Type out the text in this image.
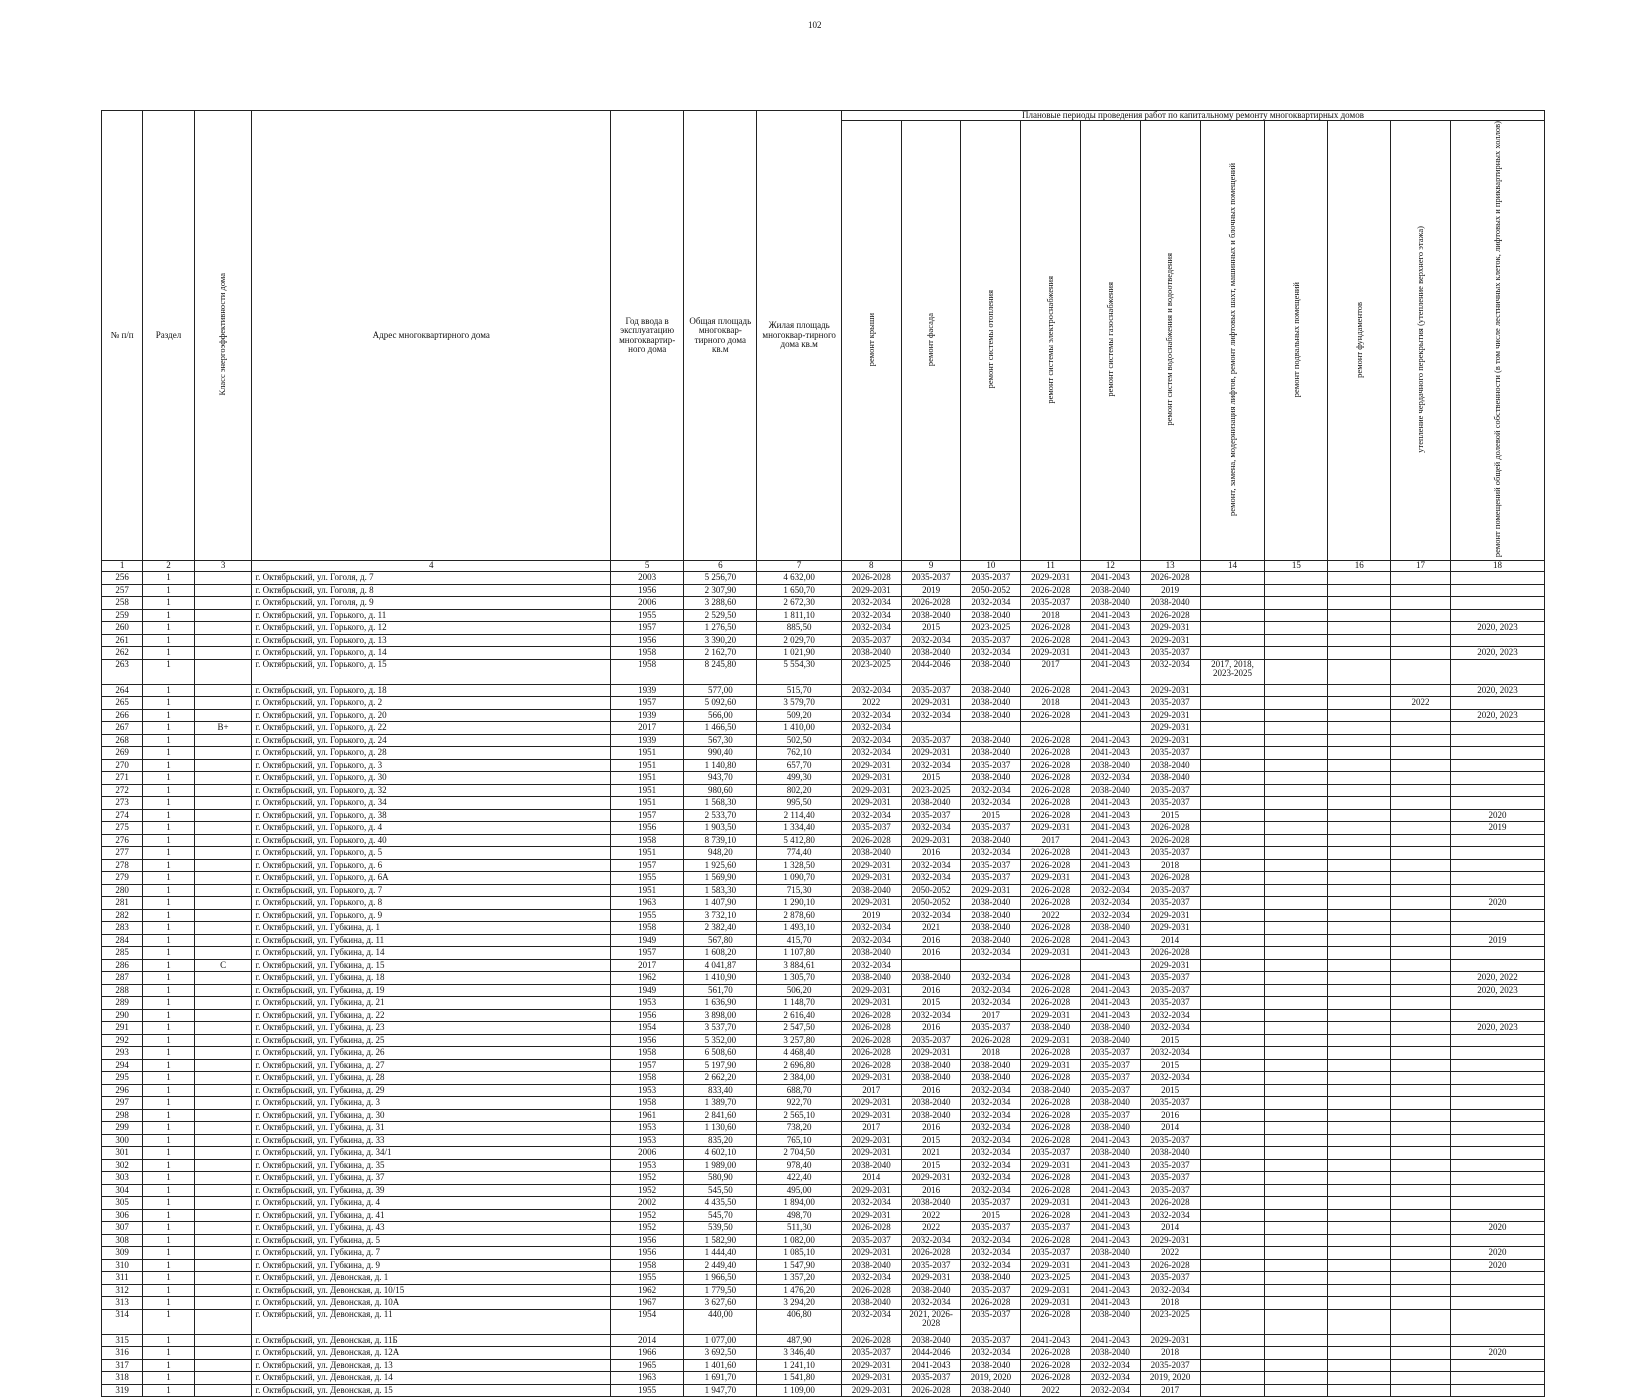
102
№ п/п	Раздел	Класс энергоэффективности дома	Адрес многоквартирного дома	Год ввода в эксплуатацию многоквартир-ного дома	Общая площадь многоквар-тирного дома кв.м	Жилая площадь многоквар-тирного дома кв.м	Плановые периоды проведения работ по капитальному ремонту многоквартирных домов										
							ремонт крыши	ремонт фасада	ремонт системы отопления	ремонт системы электроснабжения	ремонт системы газоснабжения	ремонт систем водоснабжения и водоотведения	ремонт, замена, модернизация лифтов, ремонт лифтовых шахт, машинных и блочных помещений	ремонт подвальных помещений	ремонт фундаментов	утепление чердачного перекрытия (утепление верхнего этажа)	ремонт помещений общей долевой собственности (в том числе лестничных клеток, лифтовых и приквартирных холлов)
1	2	3	4	5	6	7	8	9	10	11	12	13	14	15	16	17	18
256	1		г. Октябрьский, ул. Гоголя, д. 7	2003	5 256,70	4 632,00	2026-2028	2035-2037	2035-2037	2029-2031	2041-2043	2026-2028					
257	1		г. Октябрьский, ул. Гоголя, д. 8	1956	2 307,90	1 650,70	2029-2031	2019	2050-2052	2026-2028	2038-2040	2019					
258	1		г. Октябрьский, ул. Гоголя, д. 9	2006	3 288,60	2 672,30	2032-2034	2026-2028	2032-2034	2035-2037	2038-2040	2038-2040					
259	1		г. Октябрьский, ул. Горького, д. 11	1955	2 529,50	1 811,10	2032-2034	2038-2040	2038-2040	2018	2041-2043	2026-2028					
260	1		г. Октябрьский, ул. Горького, д. 12	1957	1 276,50	885,50	2032-2034	2015	2023-2025	2026-2028	2041-2043	2029-2031					2020, 2023
261	1		г. Октябрьский, ул. Горького, д. 13	1956	3 390,20	2 029,70	2035-2037	2032-2034	2035-2037	2026-2028	2041-2043	2029-2031					
262	1		г. Октябрьский, ул. Горького, д. 14	1958	2 162,70	1 021,90	2038-2040	2038-2040	2032-2034	2029-2031	2041-2043	2035-2037					2020, 2023
263	1		г. Октябрьский, ул. Горького, д. 15	1958	8 245,80	5 554,30	2023-2025	2044-2046	2038-2040	2017	2041-2043	2032-2034	2017, 2018, 2023-2025				
264	1		г. Октябрьский, ул. Горького, д. 18	1939	577,00	515,70	2032-2034	2035-2037	2038-2040	2026-2028	2041-2043	2029-2031					2020, 2023
265	1		г. Октябрьский, ул. Горького, д. 2	1957	5 092,60	3 579,70	2022	2029-2031	2038-2040	2018	2041-2043	2035-2037				2022	
266	1		г. Октябрьский, ул. Горького, д. 20	1939	566,00	509,20	2032-2034	2032-2034	2038-2040	2026-2028	2041-2043	2029-2031					2020, 2023
267	1	В+	г. Октябрьский, ул. Горького, д. 22	2017	1 466,50	1 410,00	2032-2034					2029-2031					
268	1		г. Октябрьский, ул. Горького, д. 24	1939	567,30	502,50	2032-2034	2035-2037	2038-2040	2026-2028	2041-2043	2029-2031					
269	1		г. Октябрьский, ул. Горького, д. 28	1951	990,40	762,10	2032-2034	2029-2031	2038-2040	2026-2028	2041-2043	2035-2037					
270	1		г. Октябрьский, ул. Горького, д. 3	1951	1 140,80	657,70	2029-2031	2032-2034	2035-2037	2026-2028	2038-2040	2038-2040					
271	1		г. Октябрьский, ул. Горького, д. 30	1951	943,70	499,30	2029-2031	2015	2038-2040	2026-2028	2032-2034	2038-2040					
272	1		г. Октябрьский, ул. Горького, д. 32	1951	980,60	802,20	2029-2031	2023-2025	2032-2034	2026-2028	2038-2040	2035-2037					
273	1		г. Октябрьский, ул. Горького, д. 34	1951	1 568,30	995,50	2029-2031	2038-2040	2032-2034	2026-2028	2041-2043	2035-2037					
274	1		г. Октябрьский, ул. Горького, д. 38	1957	2 533,70	2 114,40	2032-2034	2035-2037	2015	2026-2028	2041-2043	2015					2020
275	1		г. Октябрьский, ул. Горького, д. 4	1956	1 903,50	1 334,40	2035-2037	2032-2034	2035-2037	2029-2031	2041-2043	2026-2028					2019
276	1		г. Октябрьский, ул. Горького, д. 40	1958	8 739,10	5 412,80	2026-2028	2029-2031	2038-2040	2017	2041-2043	2026-2028					
277	1		г. Октябрьский, ул. Горького, д. 5	1951	948,20	774,40	2038-2040	2016	2032-2034	2026-2028	2041-2043	2035-2037					
278	1		г. Октябрьский, ул. Горького, д. 6	1957	1 925,60	1 328,50	2029-2031	2032-2034	2035-2037	2026-2028	2041-2043	2018					
279	1		г. Октябрьский, ул. Горького, д. 6А	1955	1 569,90	1 090,70	2029-2031	2032-2034	2035-2037	2029-2031	2041-2043	2026-2028					
280	1		г. Октябрьский, ул. Горького, д. 7	1951	1 583,30	715,30	2038-2040	2050-2052	2029-2031	2026-2028	2032-2034	2035-2037					
281	1		г. Октябрьский, ул. Горького, д. 8	1963	1 407,90	1 290,10	2029-2031	2050-2052	2038-2040	2026-2028	2032-2034	2035-2037					2020
282	1		г. Октябрьский, ул. Горького, д. 9	1955	3 732,10	2 878,60	2019	2032-2034	2038-2040	2022	2032-2034	2029-2031					
283	1		г. Октябрьский, ул. Губкина, д. 1	1958	2 382,40	1 493,10	2032-2034	2021	2038-2040	2026-2028	2038-2040	2029-2031					
284	1		г. Октябрьский, ул. Губкина, д. 11	1949	567,80	415,70	2032-2034	2016	2038-2040	2026-2028	2041-2043	2014					2019
285	1		г. Октябрьский, ул. Губкина, д. 14	1957	1 608,20	1 107,80	2038-2040	2016	2032-2034	2029-2031	2041-2043	2026-2028					
286	1	С	г. Октябрьский, ул. Губкина, д. 15	2017	4 041,87	3 884,61	2032-2034					2029-2031					
287	1		г. Октябрьский, ул. Губкина, д. 18	1962	1 410,90	1 305,70	2038-2040	2038-2040	2032-2034	2026-2028	2041-2043	2035-2037					2020, 2022
288	1		г. Октябрьский, ул. Губкина, д. 19	1949	561,70	506,20	2029-2031	2016	2032-2034	2026-2028	2041-2043	2035-2037					2020, 2023
289	1		г. Октябрьский, ул. Губкина, д. 21	1953	1 636,90	1 148,70	2029-2031	2015	2032-2034	2026-2028	2041-2043	2035-2037					
290	1		г. Октябрьский, ул. Губкина, д. 22	1956	3 898,00	2 616,40	2026-2028	2032-2034	2017	2029-2031	2041-2043	2032-2034					
291	1		г. Октябрьский, ул. Губкина, д. 23	1954	3 537,70	2 547,50	2026-2028	2016	2035-2037	2038-2040	2038-2040	2032-2034					2020, 2023
292	1		г. Октябрьский, ул. Губкина, д. 25	1956	5 352,00	3 257,80	2026-2028	2035-2037	2026-2028	2029-2031	2038-2040	2015					
293	1		г. Октябрьский, ул. Губкина, д. 26	1958	6 508,60	4 468,40	2026-2028	2029-2031	2018	2026-2028	2035-2037	2032-2034					
294	1		г. Октябрьский, ул. Губкина, д. 27	1957	5 197,90	2 696,80	2026-2028	2038-2040	2038-2040	2029-2031	2035-2037	2015					
295	1		г. Октябрьский, ул. Губкина, д. 28	1958	2 662,20	2 384,00	2029-2031	2038-2040	2038-2040	2026-2028	2035-2037	2032-2034					
296	1		г. Октябрьский, ул. Губкина, д. 29	1953	833,40	688,70	2017	2016	2032-2034	2038-2040	2035-2037	2015					
297	1		г. Октябрьский, ул. Губкина, д. 3	1958	1 389,70	922,70	2029-2031	2038-2040	2032-2034	2026-2028	2038-2040	2035-2037					
298	1		г. Октябрьский, ул. Губкина, д. 30	1961	2 841,60	2 565,10	2029-2031	2038-2040	2032-2034	2026-2028	2035-2037	2016					
299	1		г. Октябрьский, ул. Губкина, д. 31	1953	1 130,60	738,20	2017	2016	2032-2034	2026-2028	2038-2040	2014					
300	1		г. Октябрьский, ул. Губкина, д. 33	1953	835,20	765,10	2029-2031	2015	2032-2034	2026-2028	2041-2043	2035-2037					
301	1		г. Октябрьский, ул. Губкина, д. 34/1	2006	4 602,10	2 704,50	2029-2031	2021	2032-2034	2035-2037	2038-2040	2038-2040					
302	1		г. Октябрьский, ул. Губкина, д. 35	1953	1 989,00	978,40	2038-2040	2015	2032-2034	2029-2031	2041-2043	2035-2037					
303	1		г. Октябрьский, ул. Губкина, д. 37	1952	580,90	422,40	2014	2029-2031	2032-2034	2026-2028	2041-2043	2035-2037					
304	1		г. Октябрьский, ул. Губкина, д. 39	1952	545,50	495,00	2029-2031	2016	2032-2034	2026-2028	2041-2043	2035-2037					
305	1		г. Октябрьский, ул. Губкина, д. 4	2002	4 435,50	1 894,00	2032-2034	2038-2040	2035-2037	2029-2031	2041-2043	2026-2028					
306	1		г. Октябрьский, ул. Губкина, д. 41	1952	545,70	498,70	2029-2031	2022	2015	2026-2028	2041-2043	2032-2034					
307	1		г. Октябрьский, ул. Губкина, д. 43	1952	539,50	511,30	2026-2028	2022	2035-2037	2035-2037	2041-2043	2014					2020
308	1		г. Октябрьский, ул. Губкина, д. 5	1956	1 582,90	1 082,00	2035-2037	2032-2034	2032-2034	2026-2028	2041-2043	2029-2031					
309	1		г. Октябрьский, ул. Губкина, д. 7	1956	1 444,40	1 085,10	2029-2031	2026-2028	2032-2034	2035-2037	2038-2040	2022					2020
310	1		г. Октябрьский, ул. Губкина, д. 9	1958	2 449,40	1 547,90	2038-2040	2035-2037	2032-2034	2029-2031	2041-2043	2026-2028					2020
311	1		г. Октябрьский, ул. Девонская, д. 1	1955	1 966,50	1 357,20	2032-2034	2029-2031	2038-2040	2023-2025	2041-2043	2035-2037					
312	1		г. Октябрьский, ул. Девонская, д. 10/15	1962	1 779,50	1 476,20	2026-2028	2038-2040	2035-2037	2029-2031	2041-2043	2032-2034					
313	1		г. Октябрьский, ул. Девонская, д. 10А	1967	3 627,60	3 294,20	2038-2040	2032-2034	2026-2028	2029-2031	2041-2043	2018					
314	1		г. Октябрьский, ул. Девонская, д. 11	1954	440,00	406,80	2032-2034	2021, 2026-2028	2035-2037	2026-2028	2038-2040	2023-2025					
315	1		г. Октябрьский, ул. Девонская, д. 11Б	2014	1 077,00	487,90	2026-2028	2038-2040	2035-2037	2041-2043	2041-2043	2029-2031					
316	1		г. Октябрьский, ул. Девонская, д. 12А	1966	3 692,50	3 346,40	2035-2037	2044-2046	2032-2034	2026-2028	2038-2040	2018					2020
317	1		г. Октябрьский, ул. Девонская, д. 13	1965	1 401,60	1 241,10	2029-2031	2041-2043	2038-2040	2026-2028	2032-2034	2035-2037					
318	1		г. Октябрьский, ул. Девонская, д. 14	1963	1 691,70	1 541,80	2029-2031	2035-2037	2019, 2020	2026-2028	2032-2034	2019, 2020					
319	1		г. Октябрьский, ул. Девонская, д. 15	1955	1 947,70	1 109,00	2029-2031	2026-2028	2038-2040	2022	2032-2034	2017					
